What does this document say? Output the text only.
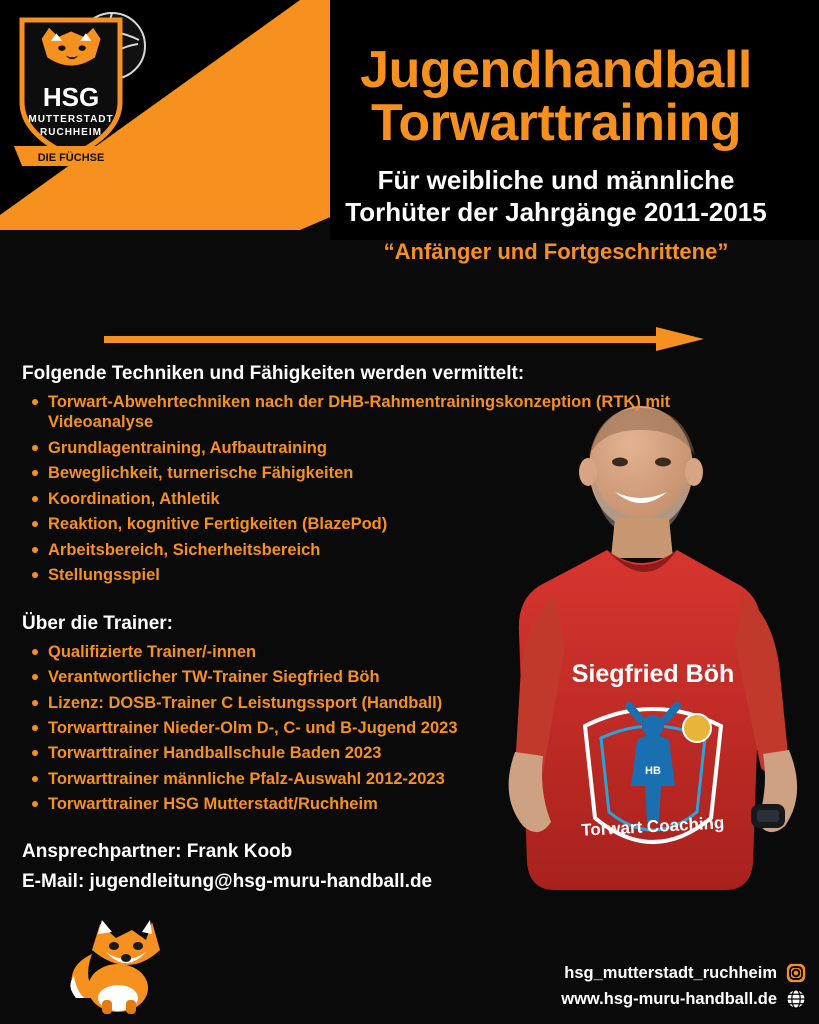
HSG
MUTTERSTADT
RUCHHEIM
DIE FÜCHSE
Jugendhandball
Torwarttraining
Für weibliche und männliche
Torhüter der Jahrgänge 2011-2015
“Anfänger und Fortgeschrittene”
Siegfried Böh
HB
Torwart Coaching
Folgende Techniken und Fähigkeiten werden vermittelt:
Torwart-Abwehrtechniken nach der DHB-Rahmentrainingskonzeption (RTK) mit Videoanalyse
Grundlagentraining, Aufbautraining
Beweglichkeit, turnerische Fähigkeiten
Koordination, Athletik
Reaktion, kognitive Fertigkeiten (BlazePod)
Arbeitsbereich, Sicherheitsbereich
Stellungsspiel
Über die Trainer:
Qualifizierte Trainer/-innen
Verantwortlicher TW-Trainer Siegfried Böh
Lizenz: DOSB-Trainer C Leistungssport (Handball)
Torwarttrainer Nieder-Olm D-, C- und B-Jugend 2023
Torwarttrainer Handballschule Baden 2023
Torwarttrainer männliche Pfalz-Auswahl 2012-2023
Torwarttrainer HSG Mutterstadt/Ruchheim
Ansprechpartner: Frank Koob
E-Mail: jugendleitung@hsg-muru-handball.de
hsg_mutterstadt_ruchheim
www.hsg-muru-handball.de
